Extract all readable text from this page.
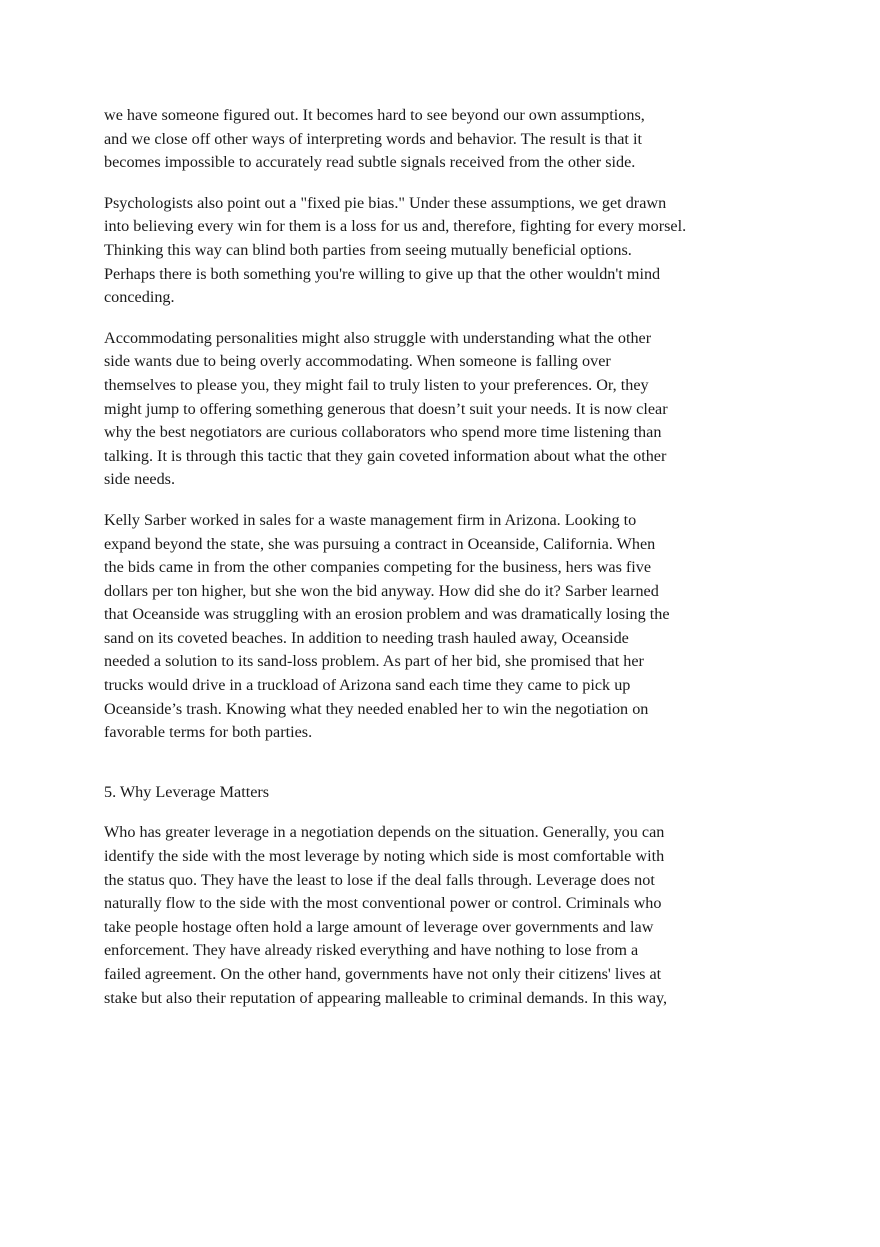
we have someone figured out. It becomes hard to see beyond our own assumptions,
and we close off other ways of interpreting words and behavior. The result is that it
becomes impossible to accurately read subtle signals received from the other side.

Psychologists also point out a "fixed pie bias." Under these assumptions, we get drawn
into believing every win for them is a loss for us and, therefore, fighting for every morsel.
Thinking this way can blind both parties from seeing mutually beneficial options.
Perhaps there is both something you're willing to give up that the other wouldn't mind
conceding.

Accommodating personalities might also struggle with understanding what the other
side wants due to being overly accommodating. When someone is falling over
themselves to please you, they might fail to truly listen to your preferences. Or, they
might jump to offering something generous that doesn’t suit your needs. It is now clear
why the best negotiators are curious collaborators who spend more time listening than
talking. It is through this tactic that they gain coveted information about what the other
side needs.

Kelly Sarber worked in sales for a waste management firm in Arizona. Looking to
expand beyond the state, she was pursuing a contract in Oceanside, California. When
the bids came in from the other companies competing for the business, hers was five
dollars per ton higher, but she won the bid anyway. How did she do it? Sarber learned
that Oceanside was struggling with an erosion problem and was dramatically losing the
sand on its coveted beaches. In addition to needing trash hauled away, Oceanside
needed a solution to its sand-loss problem. As part of her bid, she promised that her
trucks would drive in a truckload of Arizona sand each time they came to pick up
Oceanside’s trash. Knowing what they needed enabled her to win the negotiation on
favorable terms for both parties.

5. Why Leverage Matters

Who has greater leverage in a negotiation depends on the situation. Generally, you can
identify the side with the most leverage by noting which side is most comfortable with
the status quo. They have the least to lose if the deal falls through. Leverage does not
naturally flow to the side with the most conventional power or control. Criminals who
take people hostage often hold a large amount of leverage over governments and law
enforcement. They have already risked everything and have nothing to lose from a
failed agreement. On the other hand, governments have not only their citizens' lives at
stake but also their reputation of appearing malleable to criminal demands. In this way,
